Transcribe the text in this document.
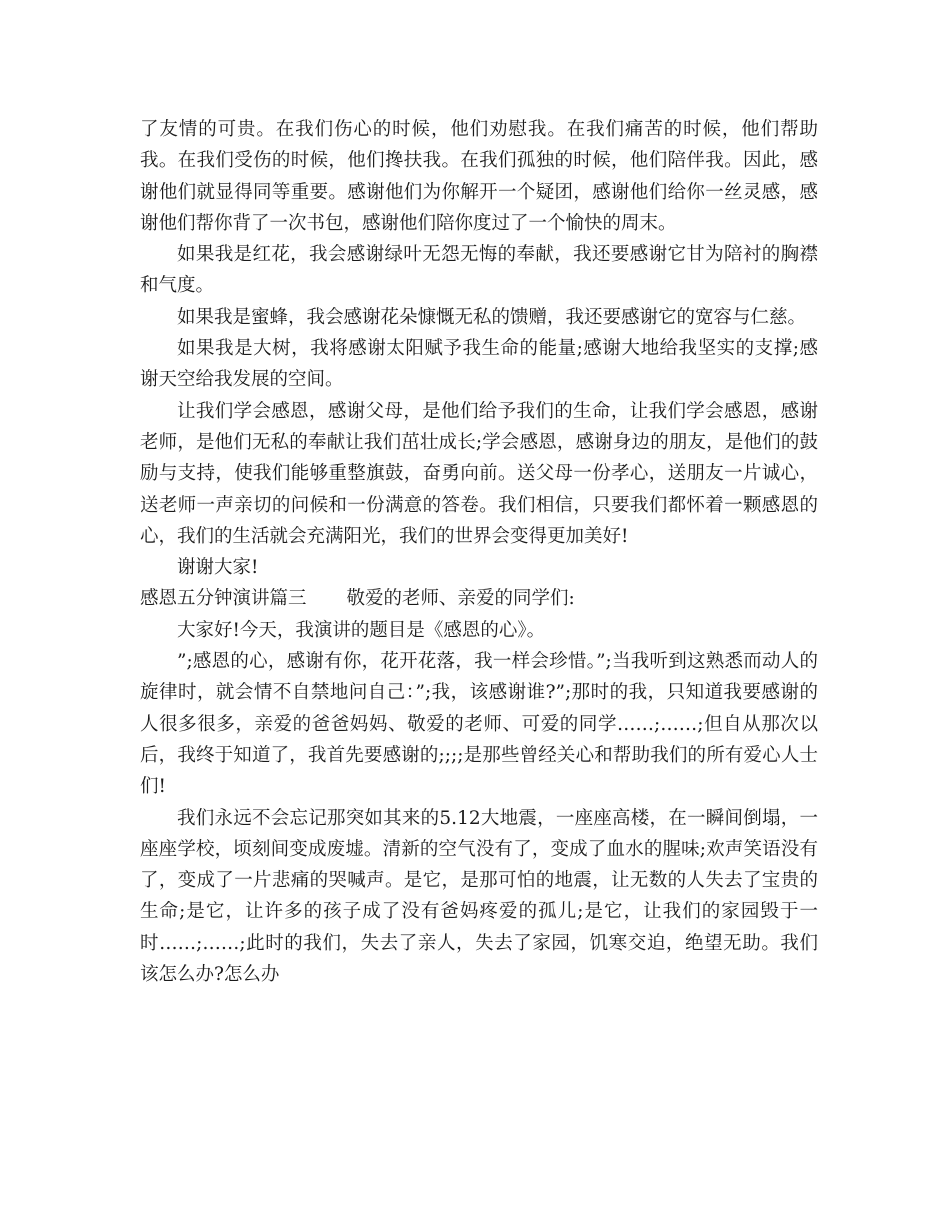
了友情的可贵。在我们伤心的时候，他们劝慰我。在我们痛苦的时候，他们帮助我。在我们受伤的时候，他们搀扶我。在我们孤独的时候，他们陪伴我。因此，感谢他们就显得同等重要。感谢他们为你解开一个疑团，感谢他们给你一丝灵感，感谢他们帮你背了一次书包，感谢他们陪你度过了一个愉快的周末。

如果我是红花，我会感谢绿叶无怨无悔的奉献，我还要感谢它甘为陪衬的胸襟和气度。

如果我是蜜蜂，我会感谢花朵慷慨无私的馈赠，我还要感谢它的宽容与仁慈。

如果我是大树，我将感谢太阳赋予我生命的能量;感谢大地给我坚实的支撑;感谢天空给我发展的空间。

让我们学会感恩，感谢父母，是他们给予我们的生命，让我们学会感恩，感谢老师，是他们无私的奉献让我们茁壮成长;学会感恩，感谢身边的朋友，是他们的鼓励与支持，使我们能够重整旗鼓，奋勇向前。送父母一份孝心，送朋友一片诚心，送老师一声亲切的问候和一份满意的答卷。我们相信，只要我们都怀着一颗感恩的心，我们的生活就会充满阳光，我们的世界会变得更加美好!

谢谢大家!

感恩五分钟演讲篇三 敬爱的老师、亲爱的同学们:

大家好!今天，我演讲的题目是《感恩的心》。

”;感恩的心，感谢有你，花开花落，我一样会珍惜。”;当我听到这熟悉而动人的旋律时，就会情不自禁地问自己：”;我，该感谢谁?”;那时的我，只知道我要感谢的人很多很多，亲爱的爸爸妈妈、敬爱的老师、可爱的同学……;……;但自从那次以后，我终于知道了，我首先要感谢的;;;;是那些曾经关心和帮助我们的所有爱心人士们!

我们永远不会忘记那突如其来的5.12大地震，一座座高楼，在一瞬间倒塌，一座座学校，顷刻间变成废墟。清新的空气没有了，变成了血水的腥味;欢声笑语没有了，变成了一片悲痛的哭喊声。是它，是那可怕的地震，让无数的人失去了宝贵的生命;是它，让许多的孩子成了没有爸妈疼爱的孤儿;是它，让我们的家园毁于一时……;……;此时的我们，失去了亲人，失去了家园，饥寒交迫，绝望无助。我们该怎么办?怎么办
